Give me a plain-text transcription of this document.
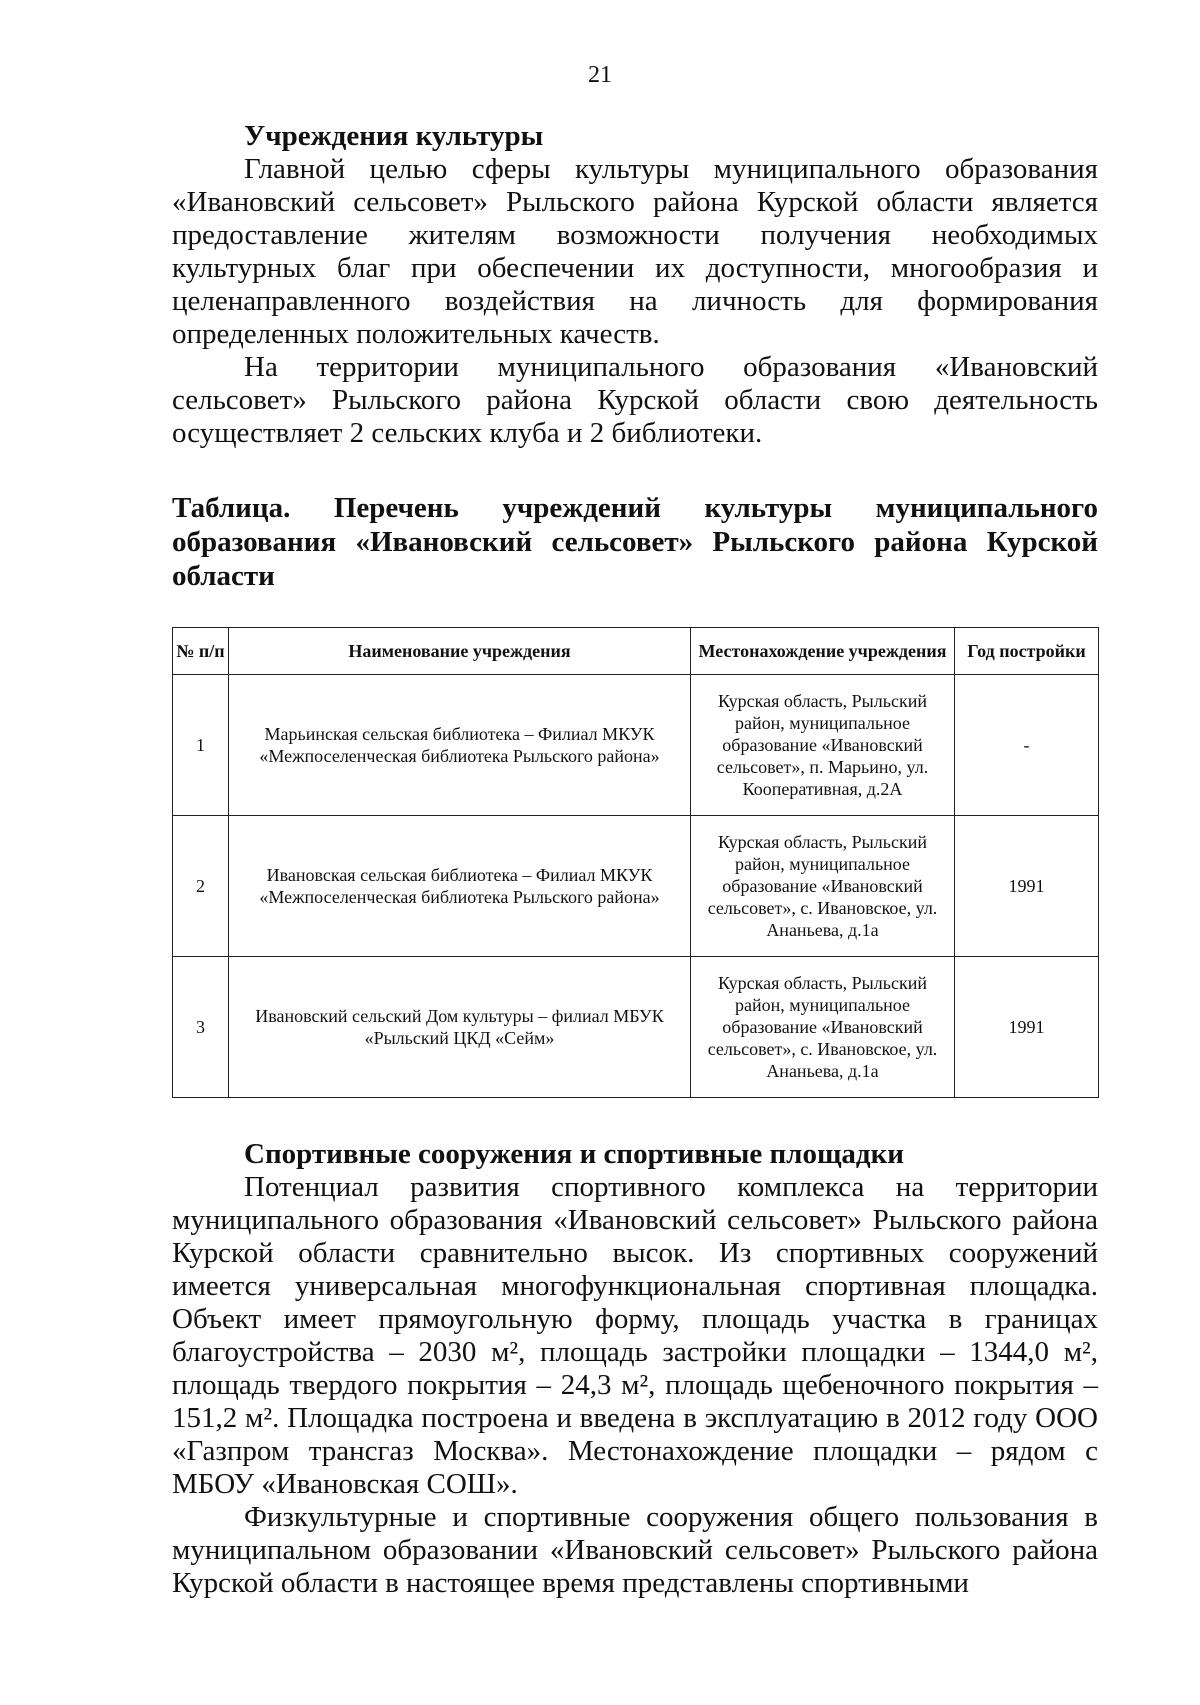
21
Учреждения культуры

Главной целью сферы культуры муниципального образования «Ивановский сельсовет» Рыльского района Курской области является предоставление жителям возможности получения необходимых культурных благ при обеспечении их доступности, многообразия и целенаправленного воздействия на личность для формирования определенных положительных качеств.

На территории муниципального образования «Ивановский сельсовет» Рыльского района Курской области свою деятельность осуществляет 2 сельских клуба и 2 библиотеки.

Таблица. Перечень учреждений культуры муниципального образования «Ивановский сельсовет» Рыльского района Курской области
№ п/п	Наименование учреждения	Местонахождение учреждения	Год постройки
1	Марьинская сельская библиотека – Филиал МКУК «Межпоселенческая библиотека Рыльского района»	Курская область, Рыльский район, муниципальное образование «Ивановский сельсовет», п. Марьино, ул. Кооперативная, д.2А	-
2	Ивановская сельская библиотека – Филиал МКУК «Межпоселенческая библиотека Рыльского района»	Курская область, Рыльский район, муниципальное образование «Ивановский сельсовет», с. Ивановское, ул. Ананьева, д.1а	1991
3	Ивановский сельский Дом культуры – филиал МБУК «Рыльский ЦКД «Сейм»	Курская область, Рыльский район, муниципальное образование «Ивановский сельсовет», с. Ивановское, ул. Ананьева, д.1а	1991
Спортивные сооружения и спортивные площадки

Потенциал развития спортивного комплекса на территории муниципального образования «Ивановский сельсовет» Рыльского района Курской области сравнительно высок. Из спортивных сооружений имеется универсальная многофункциональная спортивная площадка. Объект имеет прямоугольную форму, площадь участка в границах благоустройства – 2030 м², площадь застройки площадки – 1344,0 м², площадь твердого покрытия – 24,3 м², площадь щебеночного покрытия – 151,2 м². Площадка построена и введена в эксплуатацию в 2012 году ООО «Газпром трансгаз Москва». Местонахождение площадки – рядом с МБОУ «Ивановская СОШ».

Физкультурные и спортивные сооружения общего пользования в муниципальном образовании «Ивановский сельсовет» Рыльского района Курской области в настоящее время представлены спортивными
